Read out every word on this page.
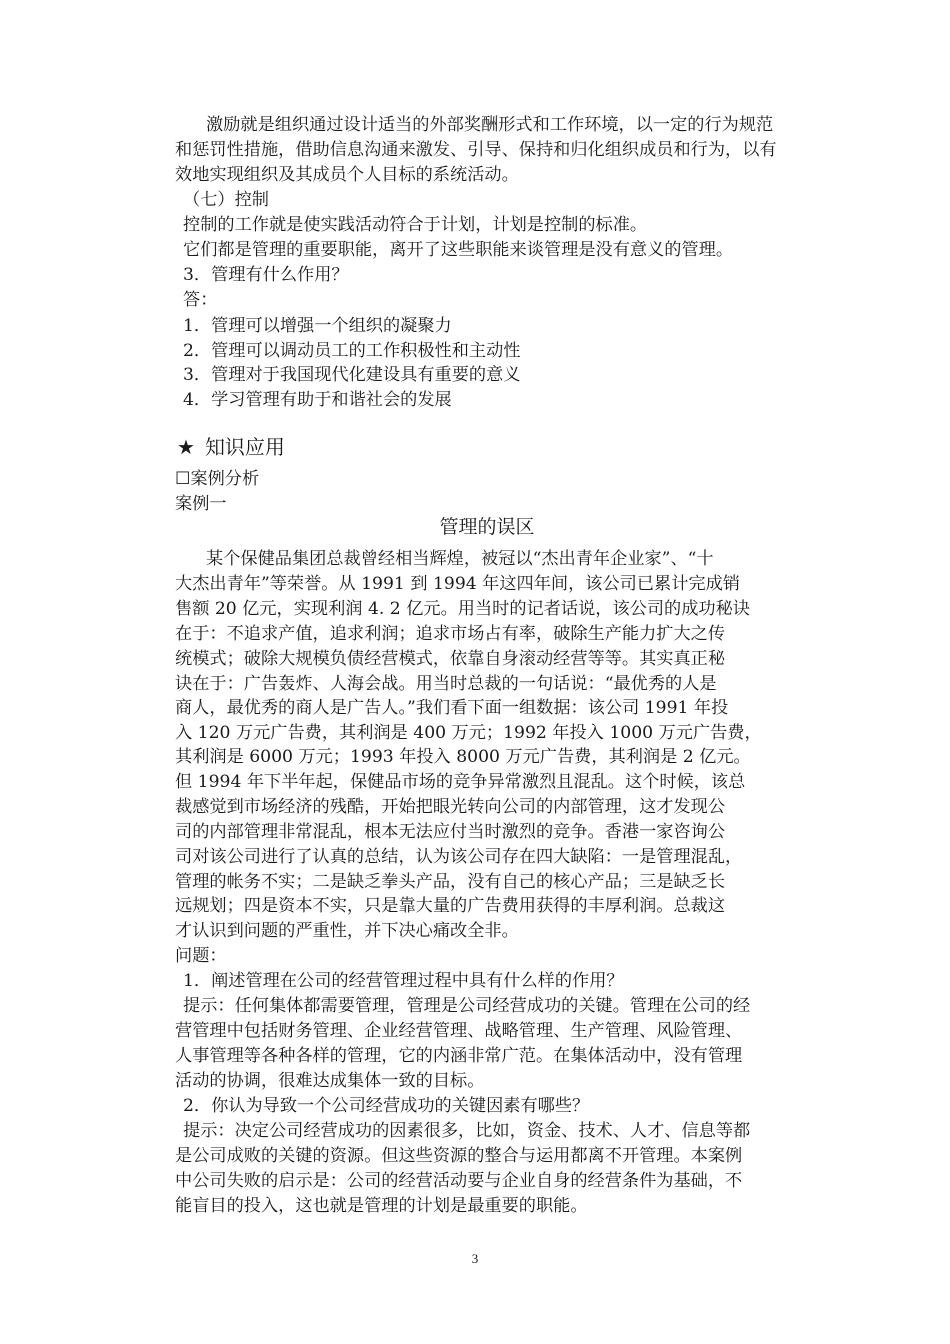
激励就是组织通过设计适当的外部奖酬形式和工作环境，以一定的行为规范
和惩罚性措施，借助信息沟通来激发、引导、保持和归化组织成员和行为，以有
效地实现组织及其成员个人目标的系统活动。
（七）控制
控制的工作就是使实践活动符合于计划，计划是控制的标准。
它们都是管理的重要职能，离开了这些职能来谈管理是没有意义的管理。
3．管理有什么作用？
答：
1．管理可以增强一个组织的凝聚力
2．管理可以调动员工的工作积极性和主动性
3．管理对于我国现代化建设具有重要的意义
4．学习管理有助于和谐社会的发展
★ 知识应用
☐案例分析
案例一
管理的误区
某个保健品集团总裁曾经相当辉煌，被冠以“杰出青年企业家”、“十
大杰出青年”等荣誉。从 1991 到 1994 年这四年间，该公司已累计完成销
售额 20 亿元，实现利润 4. 2 亿元。用当时的记者话说，该公司的成功秘诀
在于：不追求产值，追求利润；追求市场占有率，破除生产能力扩大之传
统模式；破除大规模负债经营模式，依靠自身滚动经营等等。其实真正秘
诀在于：广告轰炸、人海会战。用当时总裁的一句话说：“最优秀的人是
商人，最优秀的商人是广告人。”我们看下面一组数据：该公司 1991 年投
入 120 万元广告费，其利润是 400 万元；1992 年投入 1000 万元广告费，
其利润是 6000 万元；1993 年投入 8000 万元广告费，其利润是 2 亿元。
但 1994 年下半年起，保健品市场的竞争异常激烈且混乱。这个时候，该总
裁感觉到市场经济的残酷，开始把眼光转向公司的内部管理，这才发现公
司的内部管理非常混乱，根本无法应付当时激烈的竞争。香港一家咨询公
司对该公司进行了认真的总结，认为该公司存在四大缺陷：一是管理混乱，
管理的帐务不实；二是缺乏拳头产品，没有自己的核心产品；三是缺乏长
远规划；四是资本不实，只是靠大量的广告费用获得的丰厚利润。总裁这
才认识到问题的严重性，并下决心痛改全非。
问题：
1．阐述管理在公司的经营管理过程中具有什么样的作用？
提示：任何集体都需要管理，管理是公司经营成功的关键。管理在公司的经
营管理中包括财务管理、企业经营管理、战略管理、生产管理、风险管理、
人事管理等各种各样的管理，它的内涵非常广范。在集体活动中，没有管理
活动的协调，很难达成集体一致的目标。
2．你认为导致一个公司经营成功的关键因素有哪些？
提示：决定公司经营成功的因素很多，比如，资金、技术、人才、信息等都
是公司成败的关键的资源。但这些资源的整合与运用都离不开管理。本案例
中公司失败的启示是：公司的经营活动要与企业自身的经营条件为基础，不
能盲目的投入，这也就是管理的计划是最重要的职能。
3
